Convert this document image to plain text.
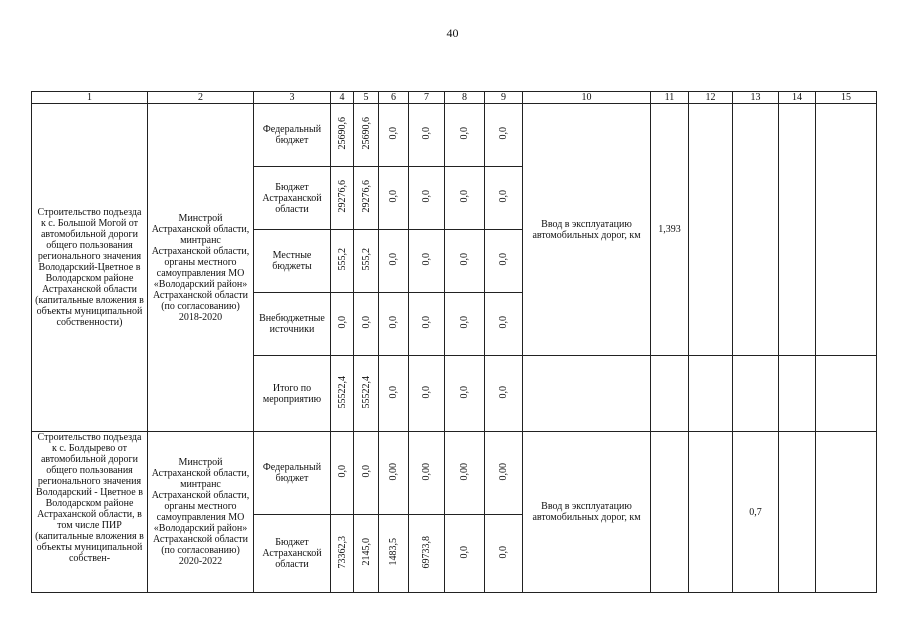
40
1	2	3	4	5	6	7	8	9	10	11	12	13	14	15
Строительство подъезда к с. Большой Могой от автомобильной дороги общего пользования регионального значения Володарский-Цветное в Володарском районе Астраханской области (капитальные вложения в объекты муниципальной собственности)	Минстрой Астраханской области, минтранс Астраханской области, органы местного самоуправления МО «Володарский район» Астраханской области (по согласованию) 2018-2020	Федеральный бюджет	25690,6	25690,6	0,0	0,0	0,0	0,0	Ввод в эксплуатацию автомобильных дорог, км	1,393				
		Бюджет Астраханской области	29276,6	29276,6	0,0	0,0	0,0	0,0						
		Местные бюджеты	555,2	555,2	0,0	0,0	0,0	0,0						
		Внебюджетные источники	0,0	0,0	0,0	0,0	0,0	0,0						
		Итого по мероприятию	55522,4	55522,4	0,0	0,0	0,0	0,0						

Строительство подъезда к с. Болдырево от автомобильной дороги общего пользования регионального значения Володарский - Цветное в Володарском районе Астраханской области, в том числе ПИР (капитальные вложения в объекты муниципальной собствен-	Минстрой Астраханской области, минтранс Астраханской области, органы местного самоуправления МО «Володарский район» Астраханской области (по согласованию) 2020-2022	Федеральный бюджет	0,0	0,0	0,00	0,00	0,00	0,00	Ввод в эксплуатацию автомобильных дорог, км			0,7		
		Бюджет Астраханской области	73362,3	2145,0	1483,5	69733,8	0,0	0,0						
